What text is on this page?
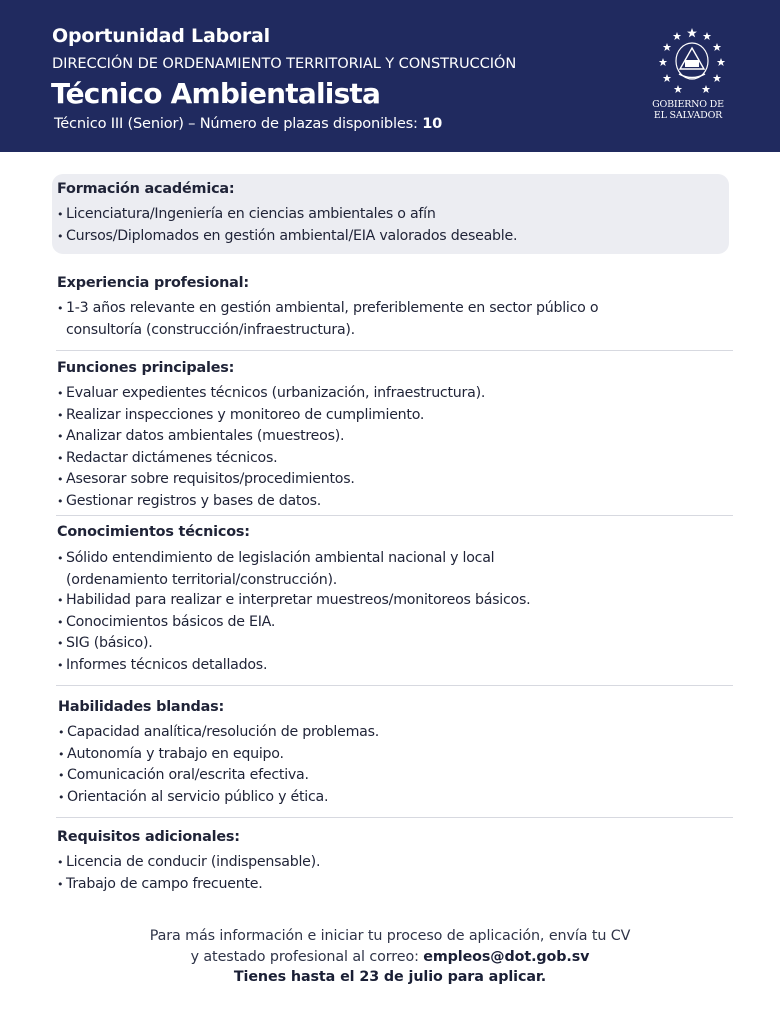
Oportunidad Laboral
DIRECCIÓN DE ORDENAMIENTO TERRITORIAL Y CONSTRUCCIÓN
Técnico Ambientalista
Técnico III (Senior) – Número de plazas disponibles: 10
GOBIERNO DE
EL SALVADOR
Formación académica:
• Licenciatura/Ingeniería en ciencias ambientales o afín
• Cursos/Diplomados en gestión ambiental/EIA valorados deseable.
Experiencia profesional:
• 1-3 años relevante en gestión ambiental, preferiblemente en sector público o
consultoría (construcción/infraestructura).
Funciones principales:
• Evaluar expedientes técnicos (urbanización, infraestructura).
• Realizar inspecciones y monitoreo de cumplimiento.
• Analizar datos ambientales (muestreos).
• Redactar dictámenes técnicos.
• Asesorar sobre requisitos/procedimientos.
• Gestionar registros y bases de datos.
Conocimientos técnicos:
• Sólido entendimiento de legislación ambiental nacional y local
(ordenamiento territorial/construcción).
• Habilidad para realizar e interpretar muestreos/monitoreos básicos.
• Conocimientos básicos de EIA.
• SIG (básico).
• Informes técnicos detallados.
Habilidades blandas:
• Capacidad analítica/resolución de problemas.
• Autonomía y trabajo en equipo.
• Comunicación oral/escrita efectiva.
• Orientación al servicio público y ética.
Requisitos adicionales:
• Licencia de conducir (indispensable).
• Trabajo de campo frecuente.
Para más información e iniciar tu proceso de aplicación, envía tu CV
y atestado profesional al correo: empleos@dot.gob.sv
Tienes hasta el 23 de julio para aplicar.
